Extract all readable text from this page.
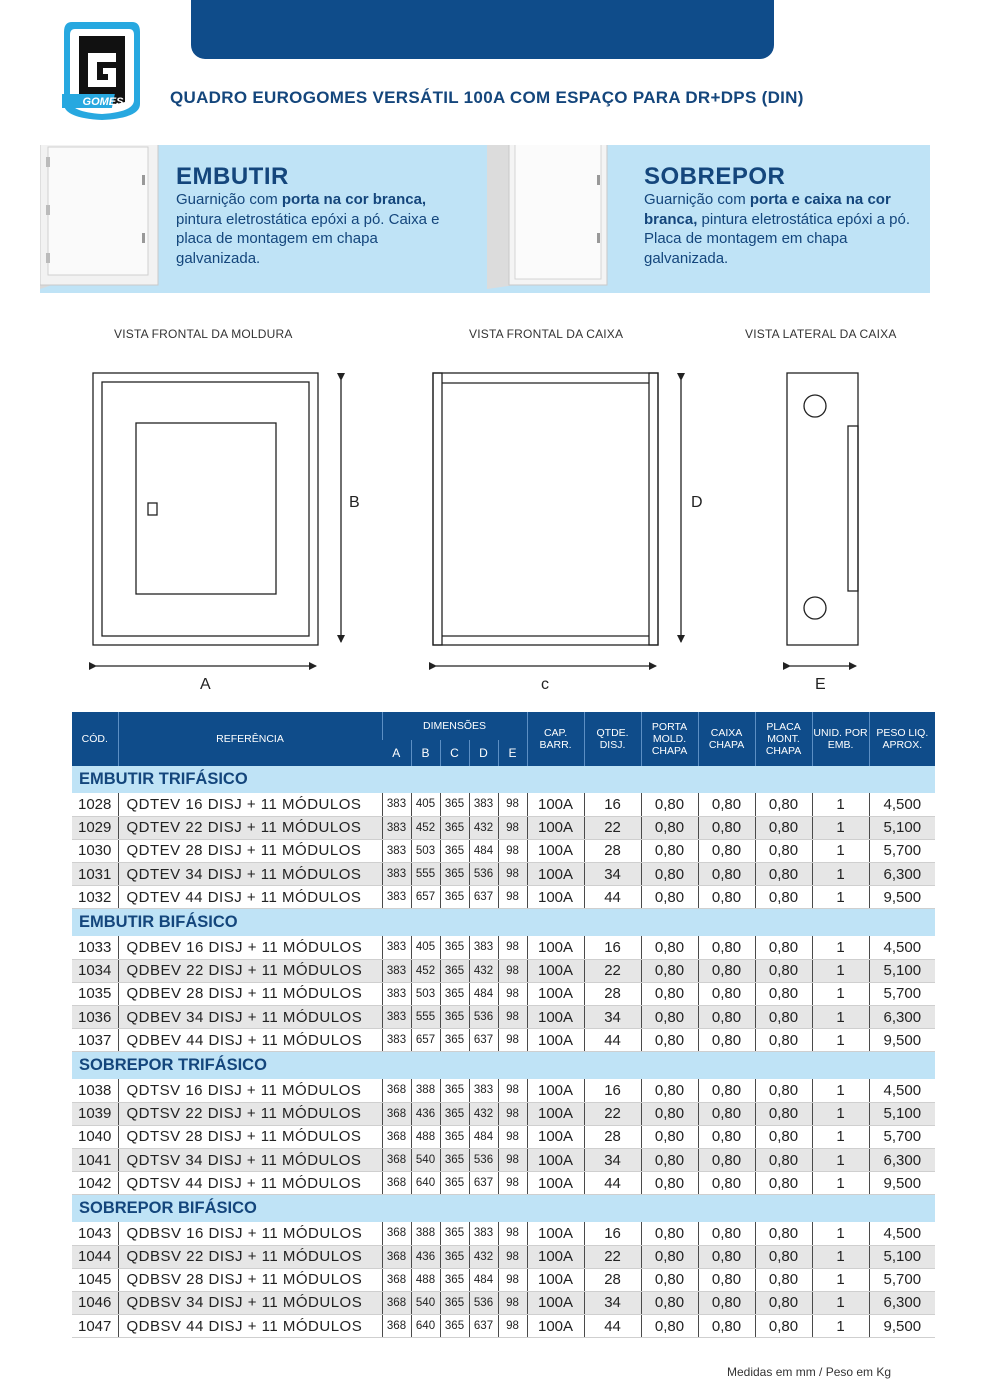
GOMES	QUADRO EUROGOMES VERSÁTIL 100A COM ESPAÇO PARA DR+DPS (DIN)
EMBUTIR
Guarnição com porta na cor branca, pintura eletrostática epóxi a pó. Caixa e placa de montagem em chapa galvanizada.
SOBREPOR
Guarnição com porta e caixa na cor branca, pintura eletrostática epóxi a pó. Placa de montagem em chapa galvanizada.
VISTA FRONTAL DA MOLDURA	VISTA FRONTAL DA CAIXA	VISTA LATERAL DA CAIXA
B
A
D
c	E
CÓD.	REFERÊNCIA	DIMENSÕES					CAP. BARR.	QTDE. DISJ.	PORTA MOLD. CHAPA	CAIXA CHAPA	PLACA MONT. CHAPA	UNID. POR EMB.	PESO LIQ. APROX.
		A	B	C	D	E							
EMBUTIR TRIFÁSICO													
1028	QDTEV 16 DISJ + 11 MÓDULOS	383	405	365	383	98	100A	16	0,80	0,80	0,80	1	4,500
1029	QDTEV 22 DISJ + 11 MÓDULOS	383	452	365	432	98	100A	22	0,80	0,80	0,80	1	5,100
1030	QDTEV 28 DISJ + 11 MÓDULOS	383	503	365	484	98	100A	28	0,80	0,80	0,80	1	5,700
1031	QDTEV 34 DISJ + 11 MÓDULOS	383	555	365	536	98	100A	34	0,80	0,80	0,80	1	6,300
1032	QDTEV 44 DISJ + 11 MÓDULOS	383	657	365	637	98	100A	44	0,80	0,80	0,80	1	9,500
EMBUTIR BIFÁSICO													
1033	QDBEV 16 DISJ + 11 MÓDULOS	383	405	365	383	98	100A	16	0,80	0,80	0,80	1	4,500
1034	QDBEV 22 DISJ + 11 MÓDULOS	383	452	365	432	98	100A	22	0,80	0,80	0,80	1	5,100
1035	QDBEV 28 DISJ + 11 MÓDULOS	383	503	365	484	98	100A	28	0,80	0,80	0,80	1	5,700
1036	QDBEV 34 DISJ + 11 MÓDULOS	383	555	365	536	98	100A	34	0,80	0,80	0,80	1	6,300
1037	QDBEV 44 DISJ + 11 MÓDULOS	383	657	365	637	98	100A	44	0,80	0,80	0,80	1	9,500
SOBREPOR TRIFÁSICO													
1038	QDTSV 16 DISJ + 11 MÓDULOS	368	388	365	383	98	100A	16	0,80	0,80	0,80	1	4,500
1039	QDTSV 22 DISJ + 11 MÓDULOS	368	436	365	432	98	100A	22	0,80	0,80	0,80	1	5,100
1040	QDTSV 28 DISJ + 11 MÓDULOS	368	488	365	484	98	100A	28	0,80	0,80	0,80	1	5,700
1041	QDTSV 34 DISJ + 11 MÓDULOS	368	540	365	536	98	100A	34	0,80	0,80	0,80	1	6,300
1042	QDTSV 44 DISJ + 11 MÓDULOS	368	640	365	637	98	100A	44	0,80	0,80	0,80	1	9,500
SOBREPOR BIFÁSICO													
1043	QDBSV 16 DISJ + 11 MÓDULOS	368	388	365	383	98	100A	16	0,80	0,80	0,80	1	4,500
1044	QDBSV 22 DISJ + 11 MÓDULOS	368	436	365	432	98	100A	22	0,80	0,80	0,80	1	5,100
1045	QDBSV 28 DISJ + 11 MÓDULOS	368	488	365	484	98	100A	28	0,80	0,80	0,80	1	5,700
1046	QDBSV 34 DISJ + 11 MÓDULOS	368	540	365	536	98	100A	34	0,80	0,80	0,80	1	6,300
1047	QDBSV 44 DISJ + 11 MÓDULOS	368	640	365	637	98	100A	44	0,80	0,80	0,80	1	9,500
Medidas em mm / Peso em Kg
